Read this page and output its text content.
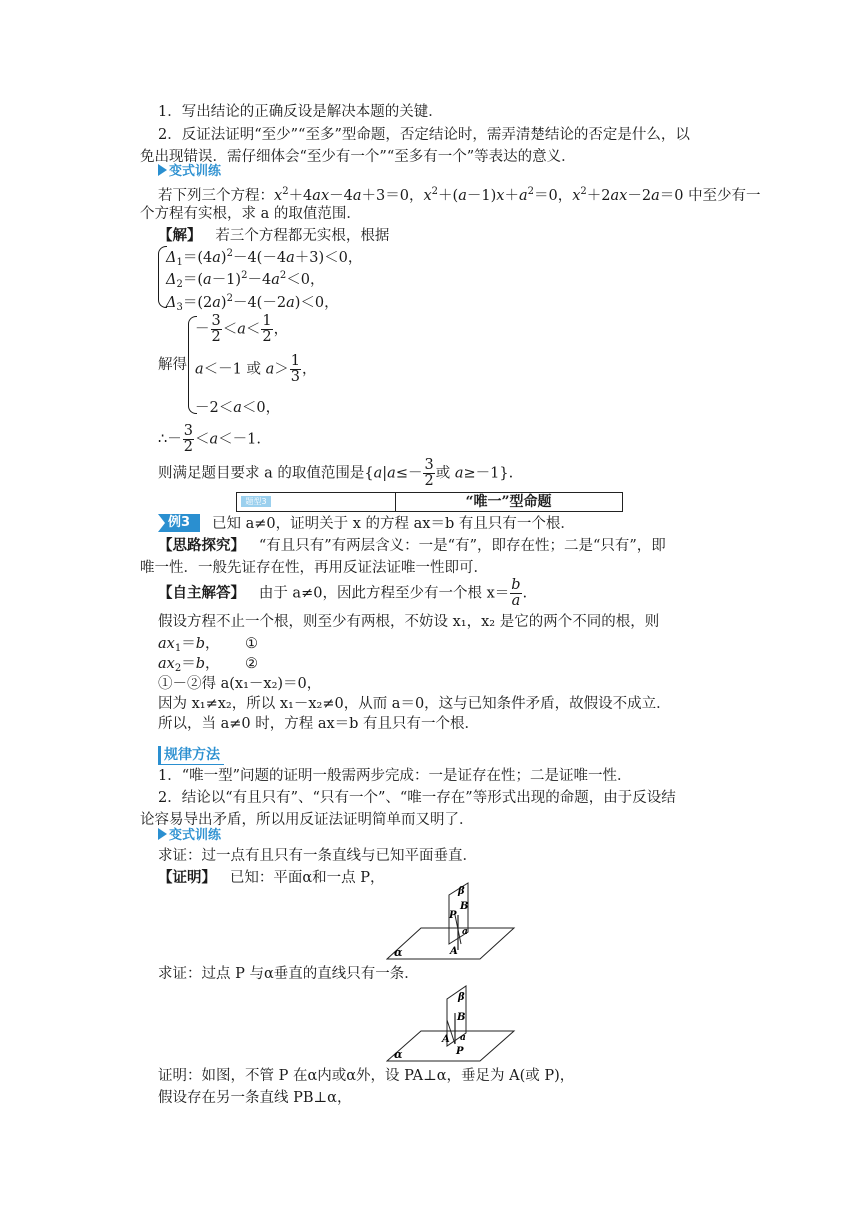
1．写出结论的正确反设是解决本题的关键．
2．反证法证明“至少”“至多”型命题，否定结论时，需弄清楚结论的否定是什么，以
免出现错误．需仔细体会“至少有一个”“至多有一个”等表达的意义．
变式训练
若下列三个方程：$x^2+4ax-4a+3=0$，$x^2+(a-1)x+a^2=0$，$x^2+2ax-2a=0$ 中至少有一
个方程有实根，求 a 的取值范围．
【解】 若三个方程都无实根，根据
$\Delta_1=(4a)^2-4(-4a+3)<0$，
$\Delta_2=(a-1)^2-4a^2<0$，
$\Delta_3=(2a)^2-4(-2a)<0$，
解得
－ $\frac{3}{2} <a< \frac{1}{2}$ ，
a＜－1 或 $a> \frac{1}{3}$ ，
－2＜a＜0，
∴－ $\frac{3}{2} <a<-1$.
则满足题目要求 a 的取值范围是{$a|a\le- \frac{3}{2}$ 或 a≥－1}.
题型3	“唯一”型命题
例3	已知 a≠0，证明关于 x 的方程 ax＝b 有且只有一个根．
【思路探究】 “有且只有”有两层含义：一是“有”，即存在性；二是“只有”，即
唯一性．一般先证存在性，再用反证法证唯一性即可．
【自主解答】 由于 a≠0，因此方程至少有一个根 $x= \frac{b}{a}$ .
假设方程不止一个根，则至少有两根，不妨设 x₁，x₂ 是它的两个不同的根，则
$ax_1=b$， ①
$ax_2=b$， ②
①－②得 a(x₁－x₂)＝0，
因为 x₁≠x₂，所以 x₁－x₂≠0，从而 a＝0，这与已知条件矛盾，故假设不成立．
所以，当 a≠0 时，方程 ax＝b 有且只有一个根．
规律方法
1．“唯一型”问题的证明一般需两步完成：一是证存在性；二是证唯一性．
2．结论以“有且只有”、“只有一个”、“唯一存在”等形式出现的命题，由于反设结
论容易导出矛盾，所以用反证法证明简单而又明了．
变式训练
求证：过一点有且只有一条直线与已知平面垂直．
【证明】 已知：平面α和一点 P，
α
β
P
B
a
A
求证：过点 P 与α垂直的直线只有一条．
α
β
B
a
A
P
证明：如图，不管 P 在α内或α外，设 PA⊥α，垂足为 A(或 P)，
假设存在另一条直线 PB⊥α，
